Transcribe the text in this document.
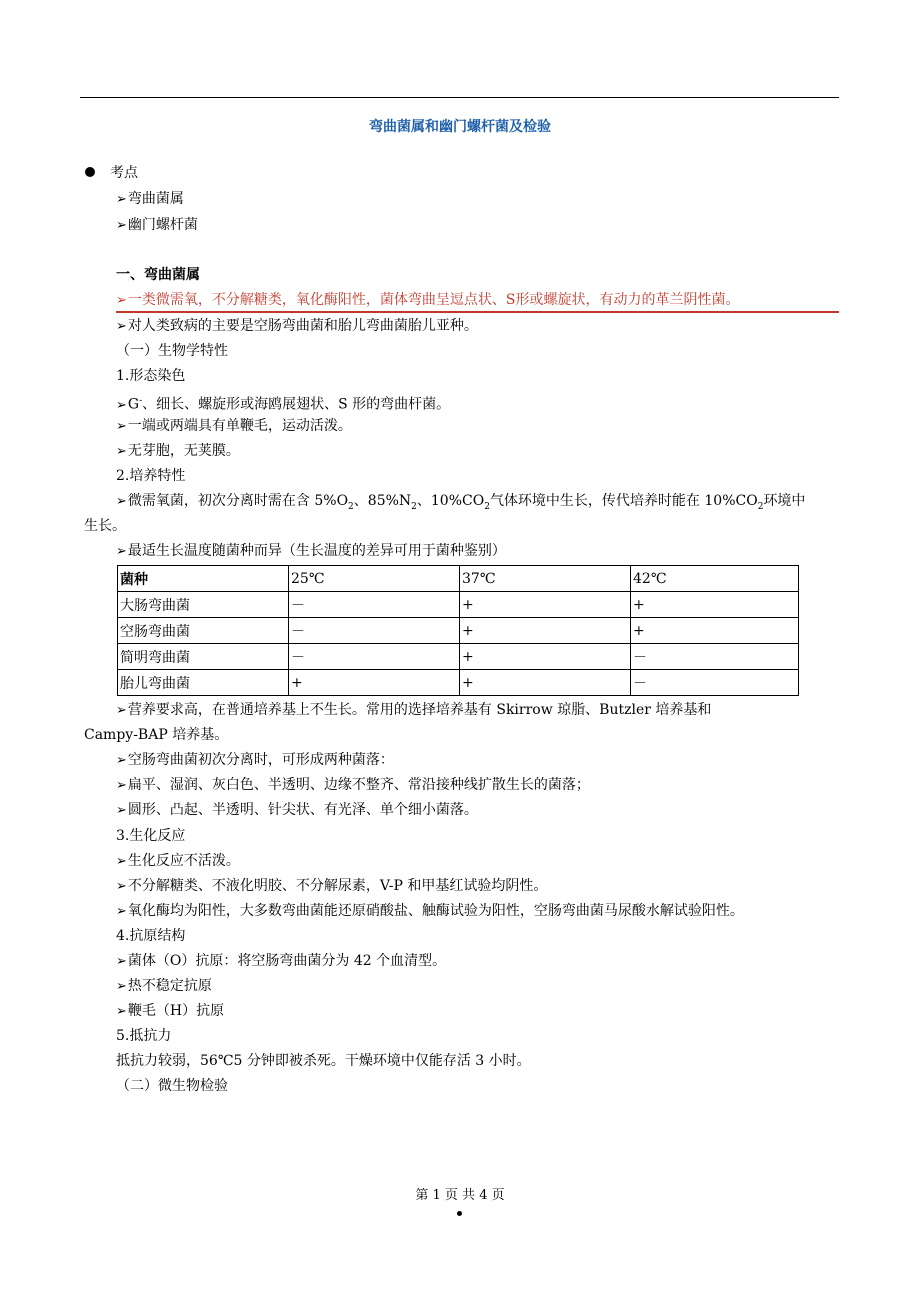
弯曲菌属和幽门螺杆菌及检验
考点
➢弯曲菌属
➢幽门螺杆菌
一、弯曲菌属
➢一类微需氧，不分解糖类，氧化酶阳性，菌体弯曲呈逗点状、S形或螺旋状，有动力的革兰阴性菌。
➢对人类致病的主要是空肠弯曲菌和胎儿弯曲菌胎儿亚种。
（一）生物学特性
1.形态染色
➢G-、细长、螺旋形或海鸥展翅状、S 形的弯曲杆菌。
➢一端或两端具有单鞭毛，运动活泼。
➢无芽胞，无荚膜。
2.培养特性
➢微需氧菌，初次分离时需在含 $5\%O_2$、$85\%N_2$、$10\%CO_2$气体环境中生长，传代培养时能在 $10\%CO_2$环境中
生长。
➢最适生长温度随菌种而异（生长温度的差异可用于菌种鉴别）
菌种	25℃	37℃	42℃
大肠弯曲菌	－	+	+
空肠弯曲菌	－	+	+
简明弯曲菌	－	+	－
胎儿弯曲菌	+	+	－
➢营养要求高，在普通培养基上不生长。常用的选择培养基有 Skirrow 琼脂、Butzler 培养基和
Campy-BAP 培养基。
➢空肠弯曲菌初次分离时，可形成两种菌落：
➢扁平、湿润、灰白色、半透明、边缘不整齐、常沿接种线扩散生长的菌落；
➢圆形、凸起、半透明、针尖状、有光泽、单个细小菌落。
3.生化反应
➢生化反应不活泼。
➢不分解糖类、不液化明胶、不分解尿素，V-P 和甲基红试验均阴性。
➢氧化酶均为阳性，大多数弯曲菌能还原硝酸盐、触酶试验为阳性，空肠弯曲菌马尿酸水解试验阳性。
4.抗原结构
➢菌体（O）抗原：将空肠弯曲菌分为 42 个血清型。
➢热不稳定抗原
➢鞭毛（H）抗原
5.抵抗力
抵抗力较弱，56℃5 分钟即被杀死。干燥环境中仅能存活 3 小时。
（二）微生物检验
第 1 页 共 4 页
